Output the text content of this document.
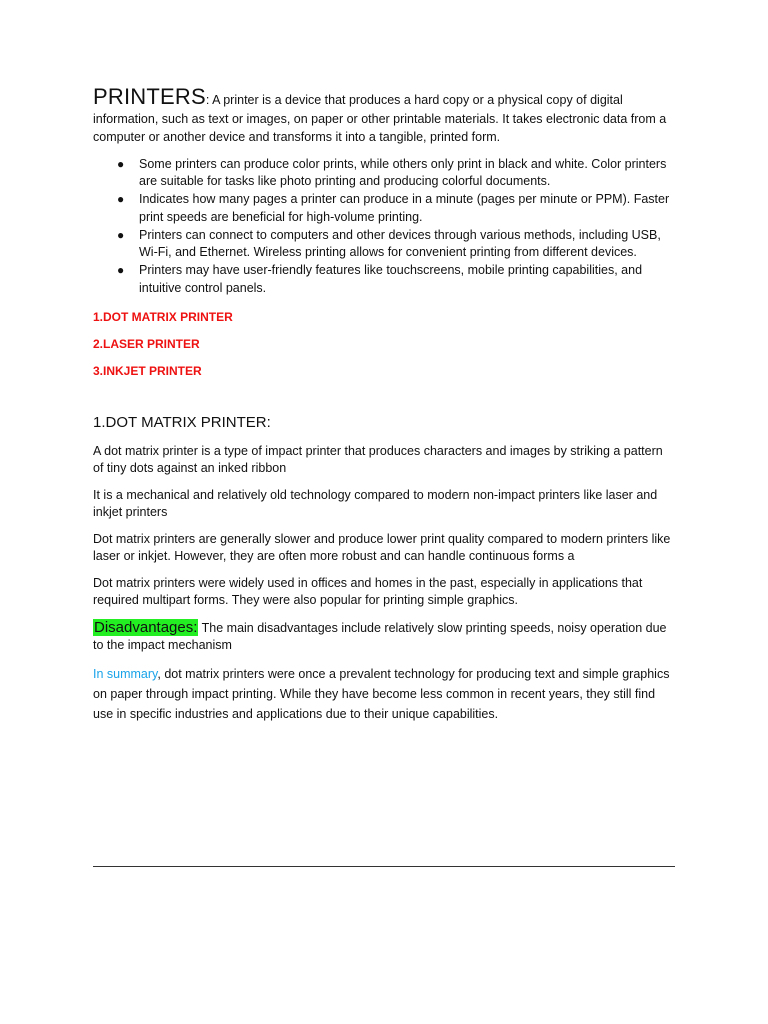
PRINTERS: A printer is a device that produces a hard copy or a physical copy of digital information, such as text or images, on paper or other printable materials. It takes electronic data from a computer or another device and transforms it into a tangible, printed form.

● Some printers can produce color prints, while others only print in black and white. Color printers are suitable for tasks like photo printing and producing colorful documents.
● Indicates how many pages a printer can produce in a minute (pages per minute or PPM). Faster print speeds are beneficial for high-volume printing.
● Printers can connect to computers and other devices through various methods, including USB, Wi-Fi, and Ethernet. Wireless printing allows for convenient printing from different devices.
● Printers may have user-friendly features like touchscreens, mobile printing capabilities, and intuitive control panels.
1.DOT MATRIX PRINTER
2.LASER PRINTER
3.INKJET PRINTER
1.DOT MATRIX PRINTER:

A dot matrix printer is a type of impact printer that produces characters and images by striking a pattern of tiny dots against an inked ribbon

It is a mechanical and relatively old technology compared to modern non-impact printers like laser and inkjet printers

Dot matrix printers are generally slower and produce lower print quality compared to modern printers like laser or inkjet. However, they are often more robust and can handle continuous forms a

Dot matrix printers were widely used in offices and homes in the past, especially in applications that required multipart forms. They were also popular for printing simple graphics.

Disadvantages: The main disadvantages include relatively slow printing speeds, noisy operation due to the impact mechanism

In summary, dot matrix printers were once a prevalent technology for producing text and simple graphics on paper through impact printing. While they have become less common in recent years, they still find use in specific industries and applications due to their unique capabilities.
